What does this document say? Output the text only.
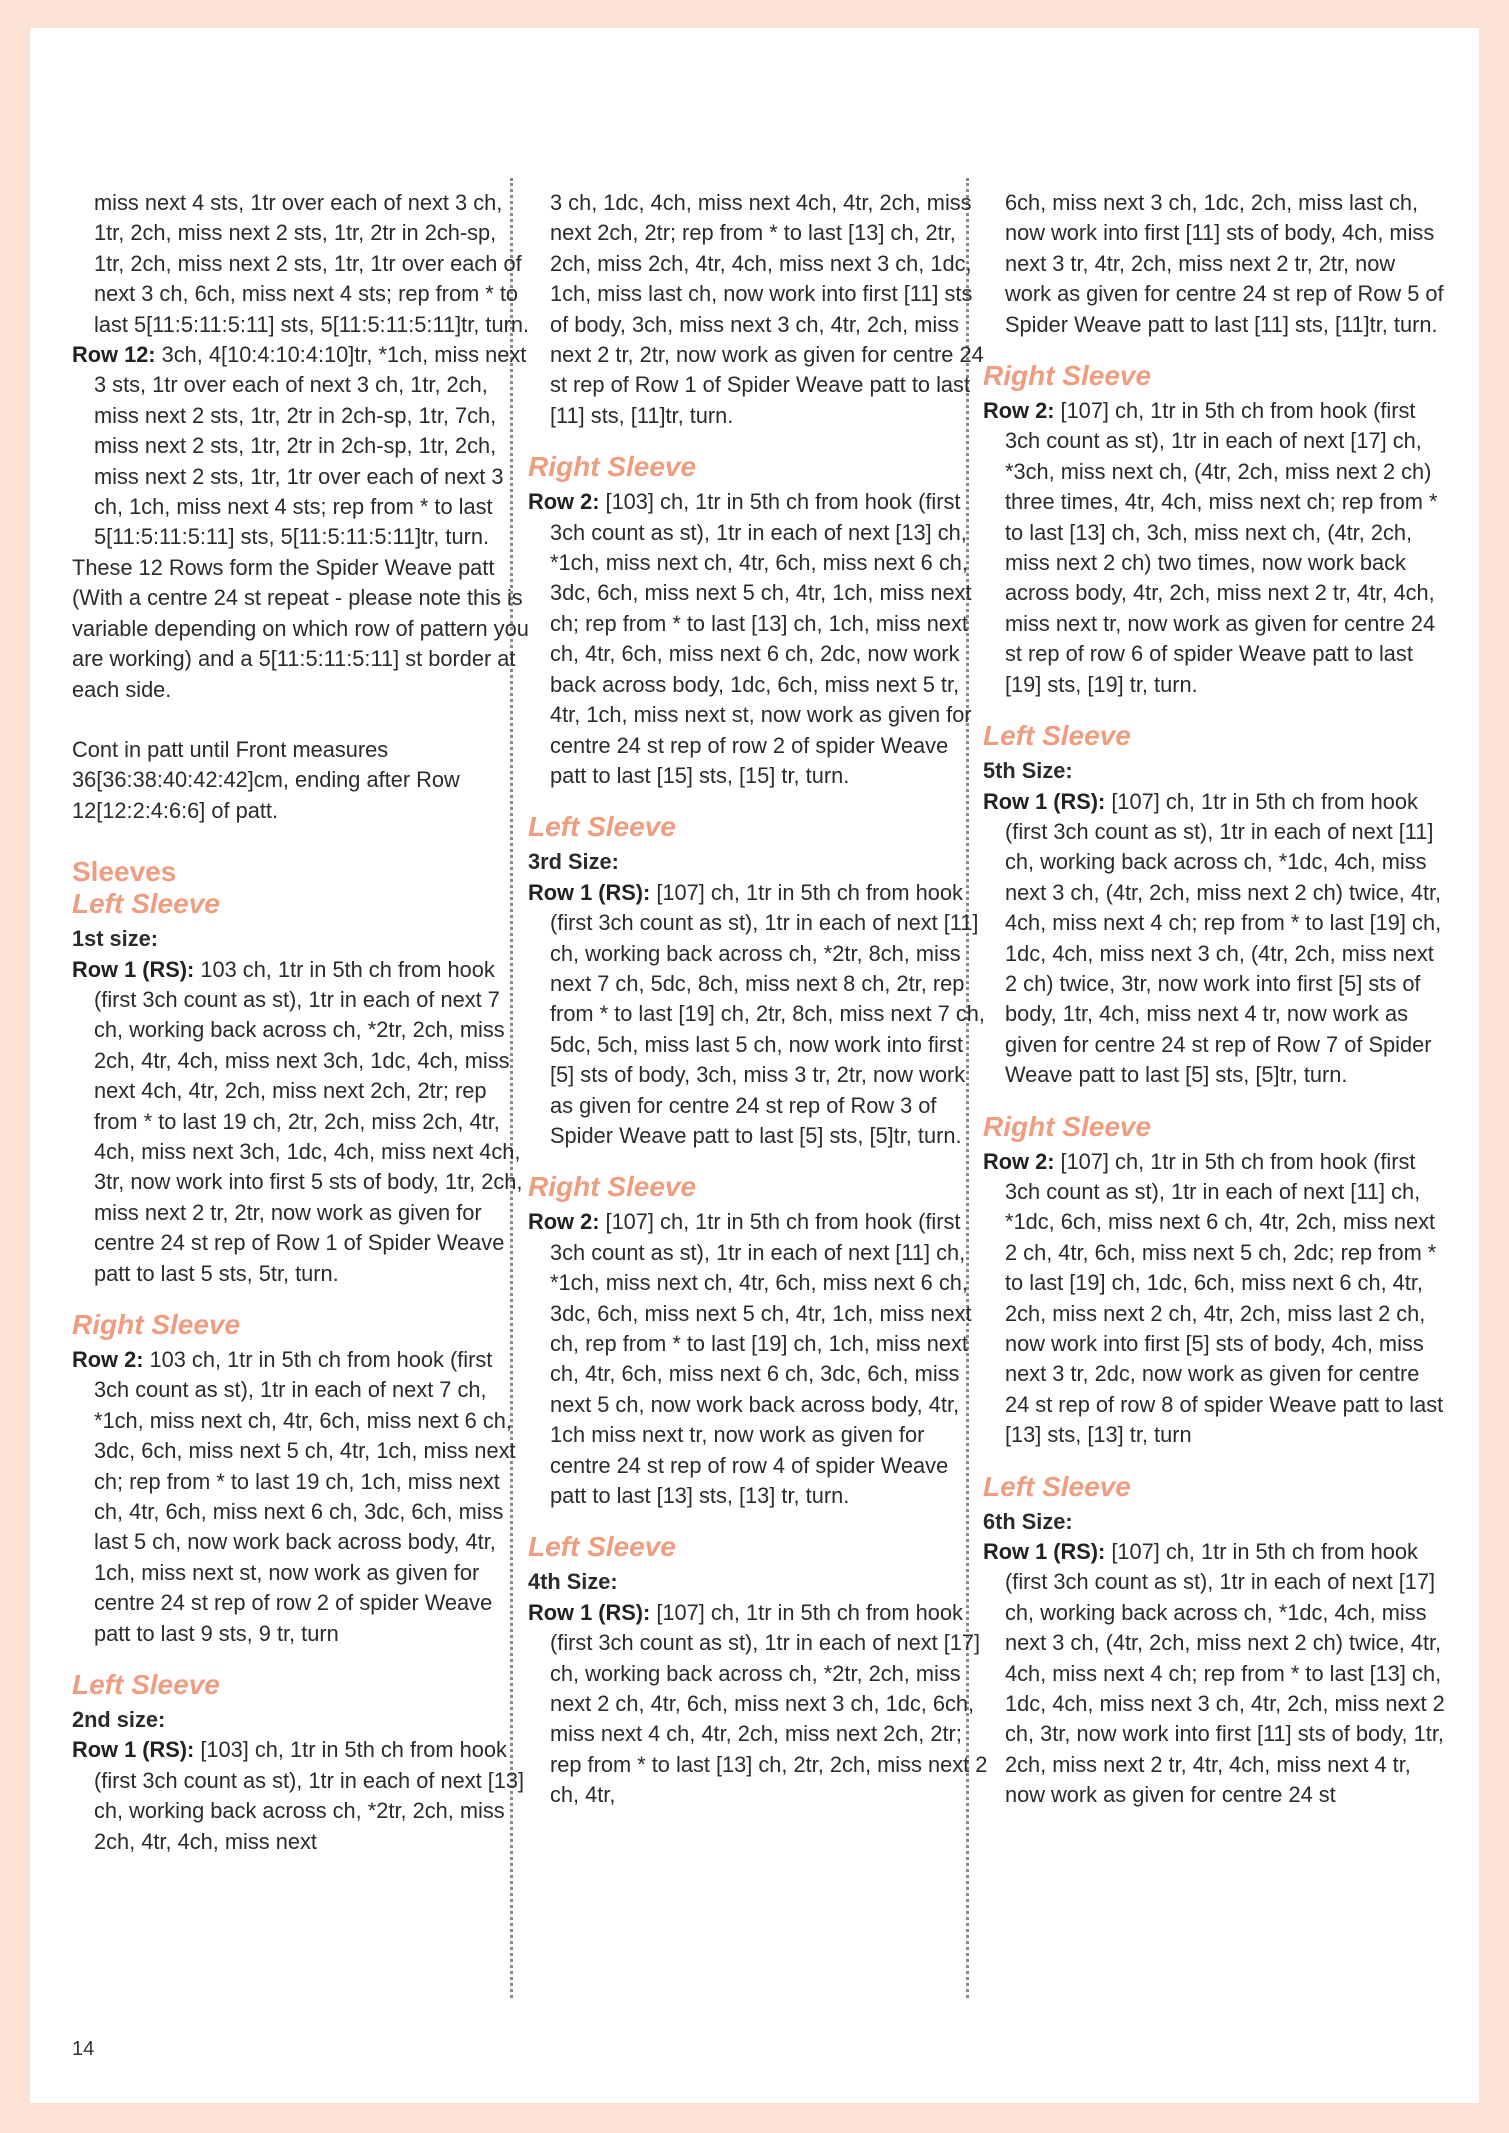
miss next 4 sts, 1tr over each of next 3 ch, 1tr, 2ch, miss next 2 sts, 1tr, 2tr in 2ch-sp, 1tr, 2ch, miss next 2 sts, 1tr, 1tr over each of next 3 ch, 6ch, miss next 4 sts; rep from * to last 5[11:5:11:5:11] sts, 5[11:5:11:5:11]tr, turn.

Row 12: 3ch, 4[10:4:10:4:10]tr, *1ch, miss next 3 sts, 1tr over each of next 3 ch, 1tr, 2ch, miss next 2 sts, 1tr, 2tr in 2ch-sp, 1tr, 7ch, miss next 2 sts, 1tr, 2tr in 2ch-sp, 1tr, 2ch, miss next 2 sts, 1tr, 1tr over each of next 3 ch, 1ch, miss next 4 sts; rep from * to last 5[11:5:11:5:11] sts, 5[11:5:11:5:11]tr, turn.

These 12 Rows form the Spider Weave patt (With a centre 24 st repeat - please note this is variable depending on which row of pattern you are working) and a 5[11:5:11:5:11] st border at each side.

Cont in patt until Front measures 36[36:38:40:42:42]cm, ending after Row 12[12:2:4:6:6] of patt.

Sleeves

Left Sleeve

1st size:

Row 1 (RS): 103 ch, 1tr in 5th ch from hook (first 3ch count as st), 1tr in each of next 7 ch, working back across ch, *2tr, 2ch, miss 2ch, 4tr, 4ch, miss next 3ch, 1dc, 4ch, miss next 4ch, 4tr, 2ch, miss next 2ch, 2tr; rep from * to last 19 ch, 2tr, 2ch, miss 2ch, 4tr, 4ch, miss next 3ch, 1dc, 4ch, miss next 4ch, 3tr, now work into first 5 sts of body, 1tr, 2ch, miss next 2 tr, 2tr, now work as given for centre 24 st rep of Row 1 of Spider Weave patt to last 5 sts, 5tr, turn.

Right Sleeve

Row 2: 103 ch, 1tr in 5th ch from hook (first 3ch count as st), 1tr in each of next 7 ch, *1ch, miss next ch, 4tr, 6ch, miss next 6 ch, 3dc, 6ch, miss next 5 ch, 4tr, 1ch, miss next ch; rep from * to last 19 ch, 1ch, miss next ch, 4tr, 6ch, miss next 6 ch, 3dc, 6ch, miss last 5 ch, now work back across body, 4tr, 1ch, miss next st, now work as given for centre 24 st rep of row 2 of spider Weave patt to last 9 sts, 9 tr, turn

Left Sleeve

2nd size:

Row 1 (RS): [103] ch, 1tr in 5th ch from hook (first 3ch count as st), 1tr in each of next [13] ch, working back across ch, *2tr, 2ch, miss 2ch, 4tr, 4ch, miss next

3 ch, 1dc, 4ch, miss next 4ch, 4tr, 2ch, miss next 2ch, 2tr; rep from * to last [13] ch, 2tr, 2ch, miss 2ch, 4tr, 4ch, miss next 3 ch, 1dc, 1ch, miss last ch, now work into first [11] sts of body, 3ch, miss next 3 ch, 4tr, 2ch, miss next 2 tr, 2tr, now work as given for centre 24 st rep of Row 1 of Spider Weave patt to last [11] sts, [11]tr, turn.

Right Sleeve

Row 2: [103] ch, 1tr in 5th ch from hook (first 3ch count as st), 1tr in each of next [13] ch, *1ch, miss next ch, 4tr, 6ch, miss next 6 ch, 3dc, 6ch, miss next 5 ch, 4tr, 1ch, miss next ch; rep from * to last [13] ch, 1ch, miss next ch, 4tr, 6ch, miss next 6 ch, 2dc, now work back across body, 1dc, 6ch, miss next 5 tr, 4tr, 1ch, miss next st, now work as given for centre 24 st rep of row 2 of spider Weave patt to last [15] sts, [15] tr, turn.

Left Sleeve

3rd Size:

Row 1 (RS): [107] ch, 1tr in 5th ch from hook (first 3ch count as st), 1tr in each of next [11] ch, working back across ch, *2tr, 8ch, miss next 7 ch, 5dc, 8ch, miss next 8 ch, 2tr, rep from * to last [19] ch, 2tr, 8ch, miss next 7 ch, 5dc, 5ch, miss last 5 ch, now work into first [5] sts of body, 3ch, miss 3 tr, 2tr, now work as given for centre 24 st rep of Row 3 of Spider Weave patt to last [5] sts, [5]tr, turn.

Right Sleeve

Row 2: [107] ch, 1tr in 5th ch from hook (first 3ch count as st), 1tr in each of next [11] ch, *1ch, miss next ch, 4tr, 6ch, miss next 6 ch, 3dc, 6ch, miss next 5 ch, 4tr, 1ch, miss next ch, rep from * to last [19] ch, 1ch, miss next ch, 4tr, 6ch, miss next 6 ch, 3dc, 6ch, miss next 5 ch, now work back across body, 4tr, 1ch miss next tr, now work as given for centre 24 st rep of row 4 of spider Weave patt to last [13] sts, [13] tr, turn.

Left Sleeve

4th Size:

Row 1 (RS): [107] ch, 1tr in 5th ch from hook (first 3ch count as st), 1tr in each of next [17] ch, working back across ch, *2tr, 2ch, miss next 2 ch, 4tr, 6ch, miss next 3 ch, 1dc, 6ch, miss next 4 ch, 4tr, 2ch, miss next 2ch, 2tr; rep from * to last [13] ch, 2tr, 2ch, miss next 2 ch, 4tr,

6ch, miss next 3 ch, 1dc, 2ch, miss last ch, now work into first [11] sts of body, 4ch, miss next 3 tr, 4tr, 2ch, miss next 2 tr, 2tr, now work as given for centre 24 st rep of Row 5 of Spider Weave patt to last [11] sts, [11]tr, turn.

Right Sleeve

Row 2: [107] ch, 1tr in 5th ch from hook (first 3ch count as st), 1tr in each of next [17] ch, *3ch, miss next ch, (4tr, 2ch, miss next 2 ch) three times, 4tr, 4ch, miss next ch; rep from * to last [13] ch, 3ch, miss next ch, (4tr, 2ch, miss next 2 ch) two times, now work back across body, 4tr, 2ch, miss next 2 tr, 4tr, 4ch, miss next tr, now work as given for centre 24 st rep of row 6 of spider Weave patt to last [19] sts, [19] tr, turn.

Left Sleeve

5th Size:

Row 1 (RS): [107] ch, 1tr in 5th ch from hook (first 3ch count as st), 1tr in each of next [11] ch, working back across ch, *1dc, 4ch, miss next 3 ch, (4tr, 2ch, miss next 2 ch) twice, 4tr, 4ch, miss next 4 ch; rep from * to last [19] ch, 1dc, 4ch, miss next 3 ch, (4tr, 2ch, miss next 2 ch) twice, 3tr, now work into first [5] sts of body, 1tr, 4ch, miss next 4 tr, now work as given for centre 24 st rep of Row 7 of Spider Weave patt to last [5] sts, [5]tr, turn.

Right Sleeve

Row 2: [107] ch, 1tr in 5th ch from hook (first 3ch count as st), 1tr in each of next [11] ch, *1dc, 6ch, miss next 6 ch, 4tr, 2ch, miss next 2 ch, 4tr, 6ch, miss next 5 ch, 2dc; rep from * to last [19] ch, 1dc, 6ch, miss next 6 ch, 4tr, 2ch, miss next 2 ch, 4tr, 2ch, miss last 2 ch, now work into first [5] sts of body, 4ch, miss next 3 tr, 2dc, now work as given for centre 24 st rep of row 8 of spider Weave patt to last [13] sts, [13] tr, turn

Left Sleeve

6th Size:

Row 1 (RS): [107] ch, 1tr in 5th ch from hook (first 3ch count as st), 1tr in each of next [17] ch, working back across ch, *1dc, 4ch, miss next 3 ch, (4tr, 2ch, miss next 2 ch) twice, 4tr, 4ch, miss next 4 ch; rep from * to last [13] ch, 1dc, 4ch, miss next 3 ch, 4tr, 2ch, miss next 2 ch, 3tr, now work into first [11] sts of body, 1tr, 2ch, miss next 2 tr, 4tr, 4ch, miss next 4 tr, now work as given for centre 24 st

14
